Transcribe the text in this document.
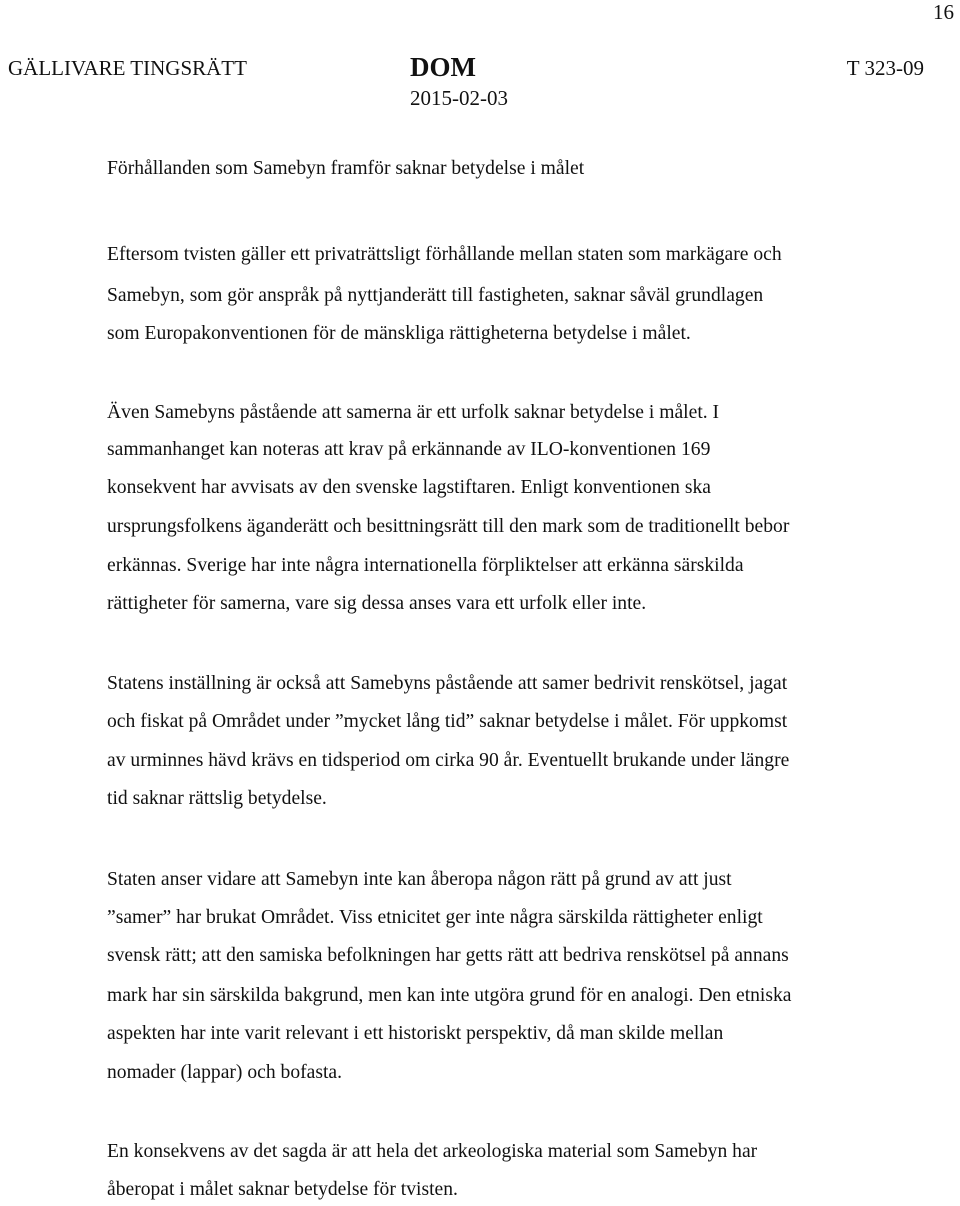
16
GÄLLIVARE TINGSRÄTT	DOM
2015-02-03
T 323-09
Förhållanden som Samebyn framför saknar betydelse i målet
Eftersom tvisten gäller ett privaträttsligt förhållande mellan staten som markägare och
Samebyn, som gör anspråk på nyttjanderätt till fastigheten, saknar såväl grundlagen
som Europakonventionen för de mänskliga rättigheterna betydelse i målet.
Även Samebyns påstående att samerna är ett urfolk saknar betydelse i målet. I
sammanhanget kan noteras att krav på erkännande av ILO-konventionen 169
konsekvent har avvisats av den svenske lagstiftaren. Enligt konventionen ska
ursprungsfolkens äganderätt och besittningsrätt till den mark som de traditionellt bebor
erkännas. Sverige har inte några internationella förpliktelser att erkänna särskilda
rättigheter för samerna, vare sig dessa anses vara ett urfolk eller inte.
Statens inställning är också att Samebyns påstående att samer bedrivit renskötsel, jagat
och fiskat på Området under ”mycket lång tid” saknar betydelse i målet. För uppkomst
av urminnes hävd krävs en tidsperiod om cirka 90 år. Eventuellt brukande under längre
tid saknar rättslig betydelse.
Staten anser vidare att Samebyn inte kan åberopa någon rätt på grund av att just
”samer” har brukat Området. Viss etnicitet ger inte några särskilda rättigheter enligt
svensk rätt; att den samiska befolkningen har getts rätt att bedriva renskötsel på annans
mark har sin särskilda bakgrund, men kan inte utgöra grund för en analogi. Den etniska
aspekten har inte varit relevant i ett historiskt perspektiv, då man skilde mellan
nomader (lappar) och bofasta.
En konsekvens av det sagda är att hela det arkeologiska material som Samebyn har
åberopat i målet saknar betydelse för tvisten.
